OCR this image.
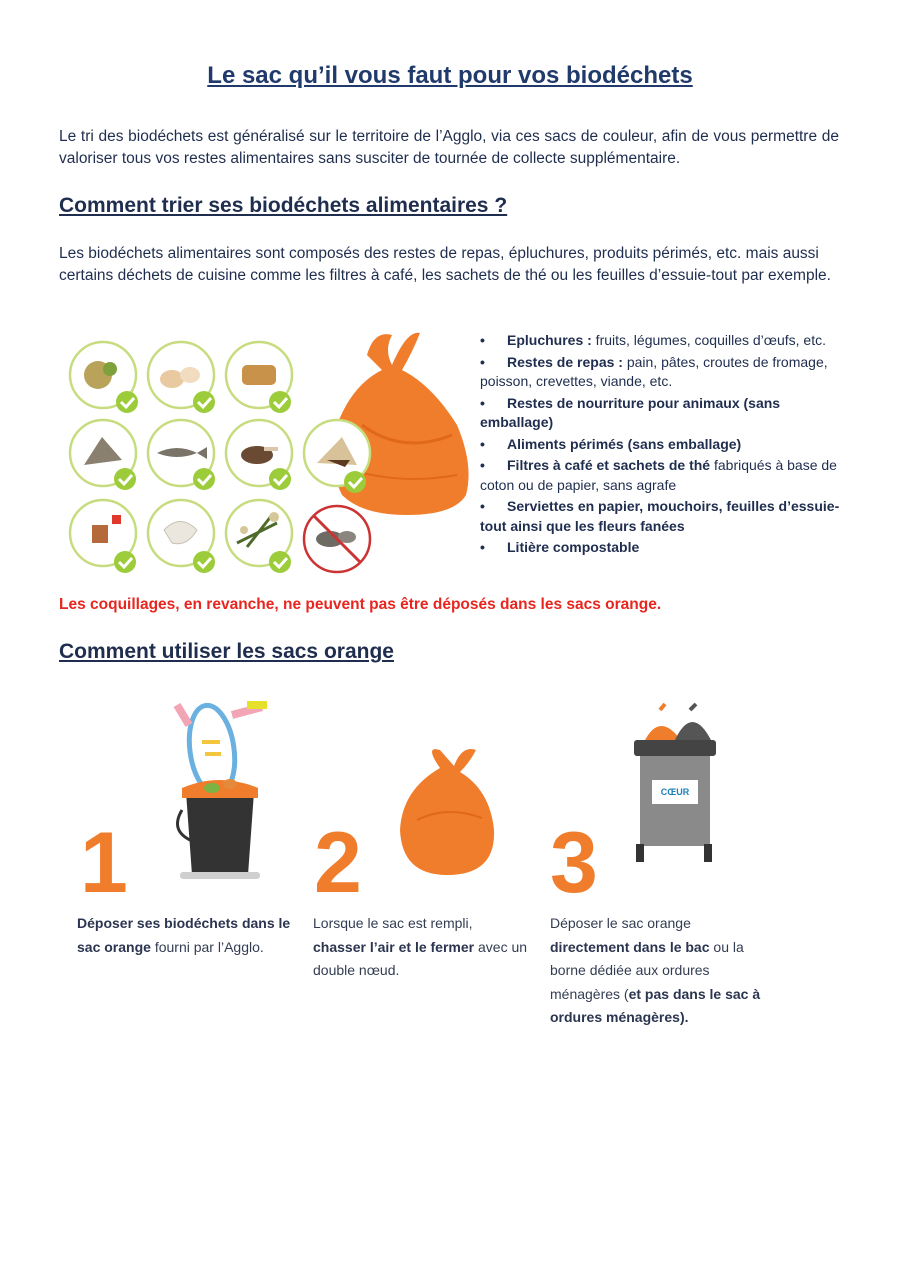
Le sac qu’il vous faut pour vos biodéchets

Le tri des biodéchets est généralisé sur le territoire de l’Agglo, via ces sacs de couleur, afin de vous permettre de valoriser tous vos restes alimentaires sans susciter de tournée de collecte supplémentaire.

Comment trier ses biodéchets alimentaires ?

Les biodéchets alimentaires sont composés des restes de repas, épluchures, produits périmés, etc. mais aussi certains déchets de cuisine comme les filtres à café, les sachets de thé ou les feuilles d’essuie-tout par exemple.

• Epluchures : fruits, légumes, coquilles d’œufs, etc.
• Restes de repas : pain, pâtes, croutes de fromage, poisson, crevettes, viande, etc.
• Restes de nourriture pour animaux (sans emballage)
• Aliments périmés (sans emballage)
• Filtres à café et sachets de thé fabriqués à base de coton ou de papier, sans agrafe
• Serviettes en papier, mouchoirs, feuilles d’essuie-tout ainsi que les fleurs fanées
• Litière compostable

Les coquillages, en revanche, ne peuvent pas être déposés dans les sacs orange.

Comment utiliser les sacs orange
1 2 3
CŒUR

Déposer ses biodéchets dans le sac orange fourni par l’Agglo.

Lorsque le sac est rempli, chasser l’air et le fermer avec un double nœud.

Déposer le sac orange directement dans le bac ou la borne dédiée aux ordures ménagères (et pas dans le sac à ordures ménagères).
